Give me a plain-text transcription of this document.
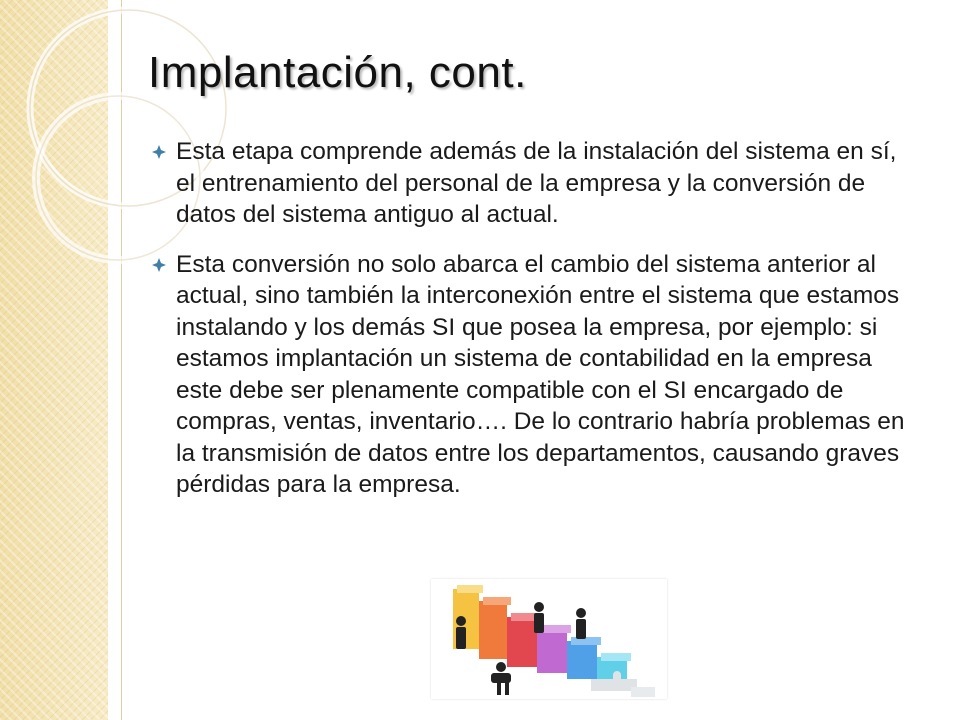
Implantación, cont.
Esta etapa comprende además de la instalación del sistema en sí, el entrenamiento del personal de la empresa y la conversión de datos del sistema antiguo al actual.
Esta conversión no solo abarca el cambio del sistema anterior al actual, sino también la interconexión entre el sistema que estamos instalando y los demás SI que posea la empresa, por ejemplo: si estamos implantación un sistema de contabilidad en la empresa este debe ser plenamente compatible con el SI encargado de compras, ventas, inventario…. De lo contrario habría problemas en la transmisión de datos entre los departamentos, causando graves pérdidas para la empresa.
